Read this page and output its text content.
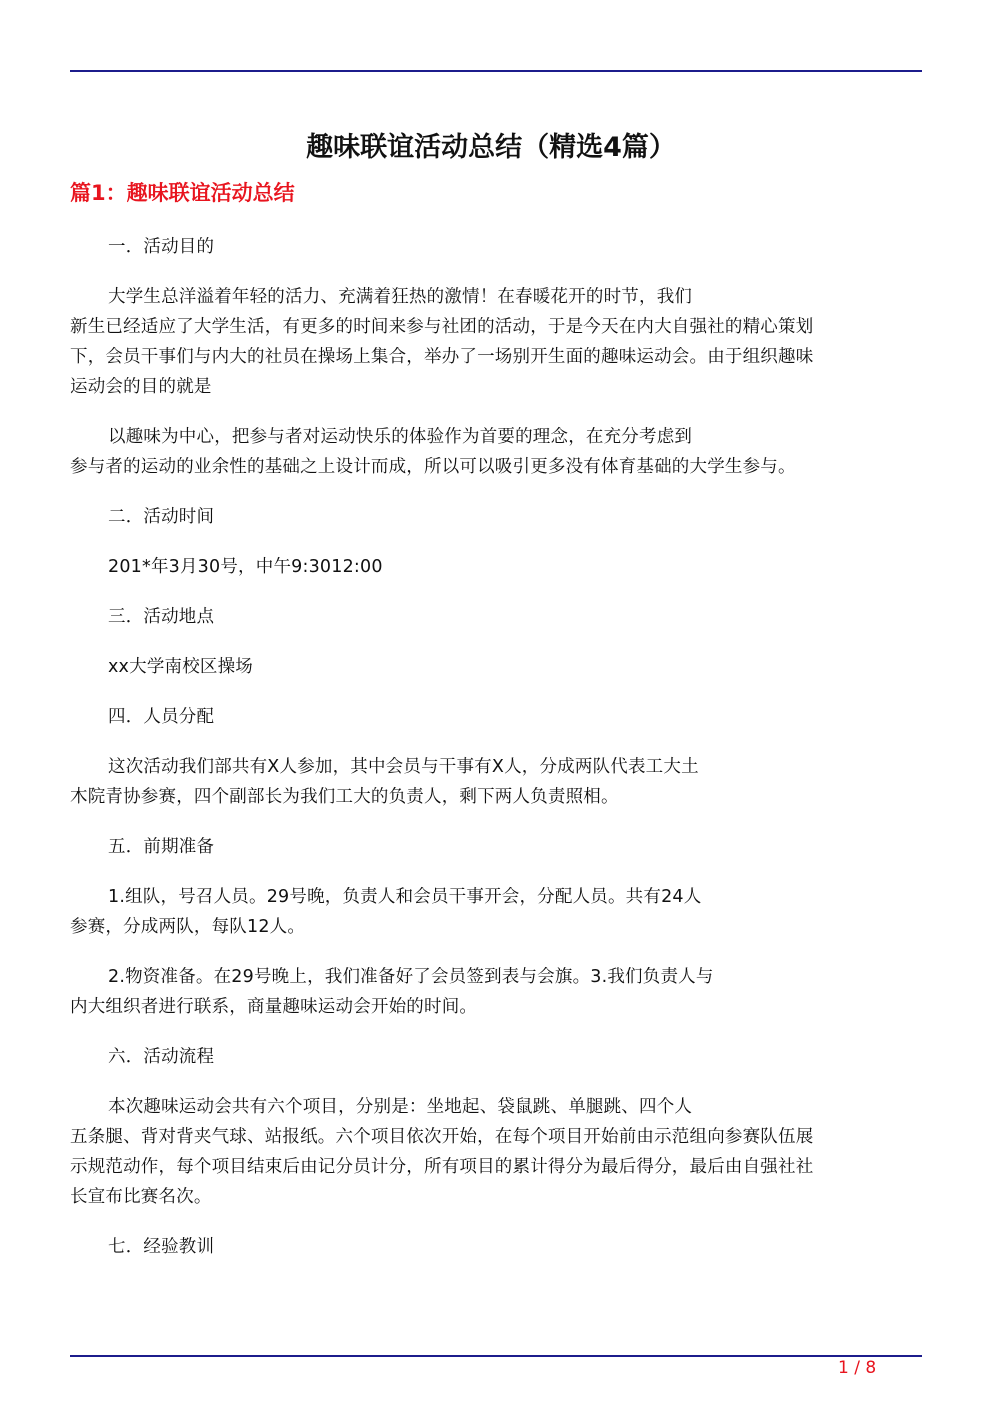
趣味联谊活动总结（精选4篇）
篇1：趣味联谊活动总结
一．活动目的
大学生总洋溢着年轻的活力、充满着狂热的激情！在春暖花开的时节，我们
新生已经适应了大学生活，有更多的时间来参与社团的活动，于是今天在内大自强社的精心策划
下，会员干事们与内大的社员在操场上集合，举办了一场别开生面的趣味运动会。由于组织趣味
运动会的目的就是
以趣味为中心，把参与者对运动快乐的体验作为首要的理念，在充分考虑到
参与者的运动的业余性的基础之上设计而成，所以可以吸引更多没有体育基础的大学生参与。
二．活动时间
201*年3月30号，中午9:3012:00
三．活动地点
xx大学南校区操场
四．人员分配
这次活动我们部共有X人参加，其中会员与干事有X人，分成两队代表工大土
木院青协参赛，四个副部长为我们工大的负责人，剩下两人负责照相。
五．前期准备
1.组队，号召人员。29号晚，负责人和会员干事开会，分配人员。共有24人
参赛，分成两队，每队12人。
2.物资准备。在29号晚上，我们准备好了会员签到表与会旗。3.我们负责人与
内大组织者进行联系，商量趣味运动会开始的时间。
六．活动流程
本次趣味运动会共有六个项目，分别是：坐地起、袋鼠跳、单腿跳、四个人
五条腿、背对背夹气球、站报纸。六个项目依次开始，在每个项目开始前由示范组向参赛队伍展
示规范动作，每个项目结束后由记分员计分，所有项目的累计得分为最后得分，最后由自强社社
长宣布比赛名次。
七．经验教训
1 / 8
